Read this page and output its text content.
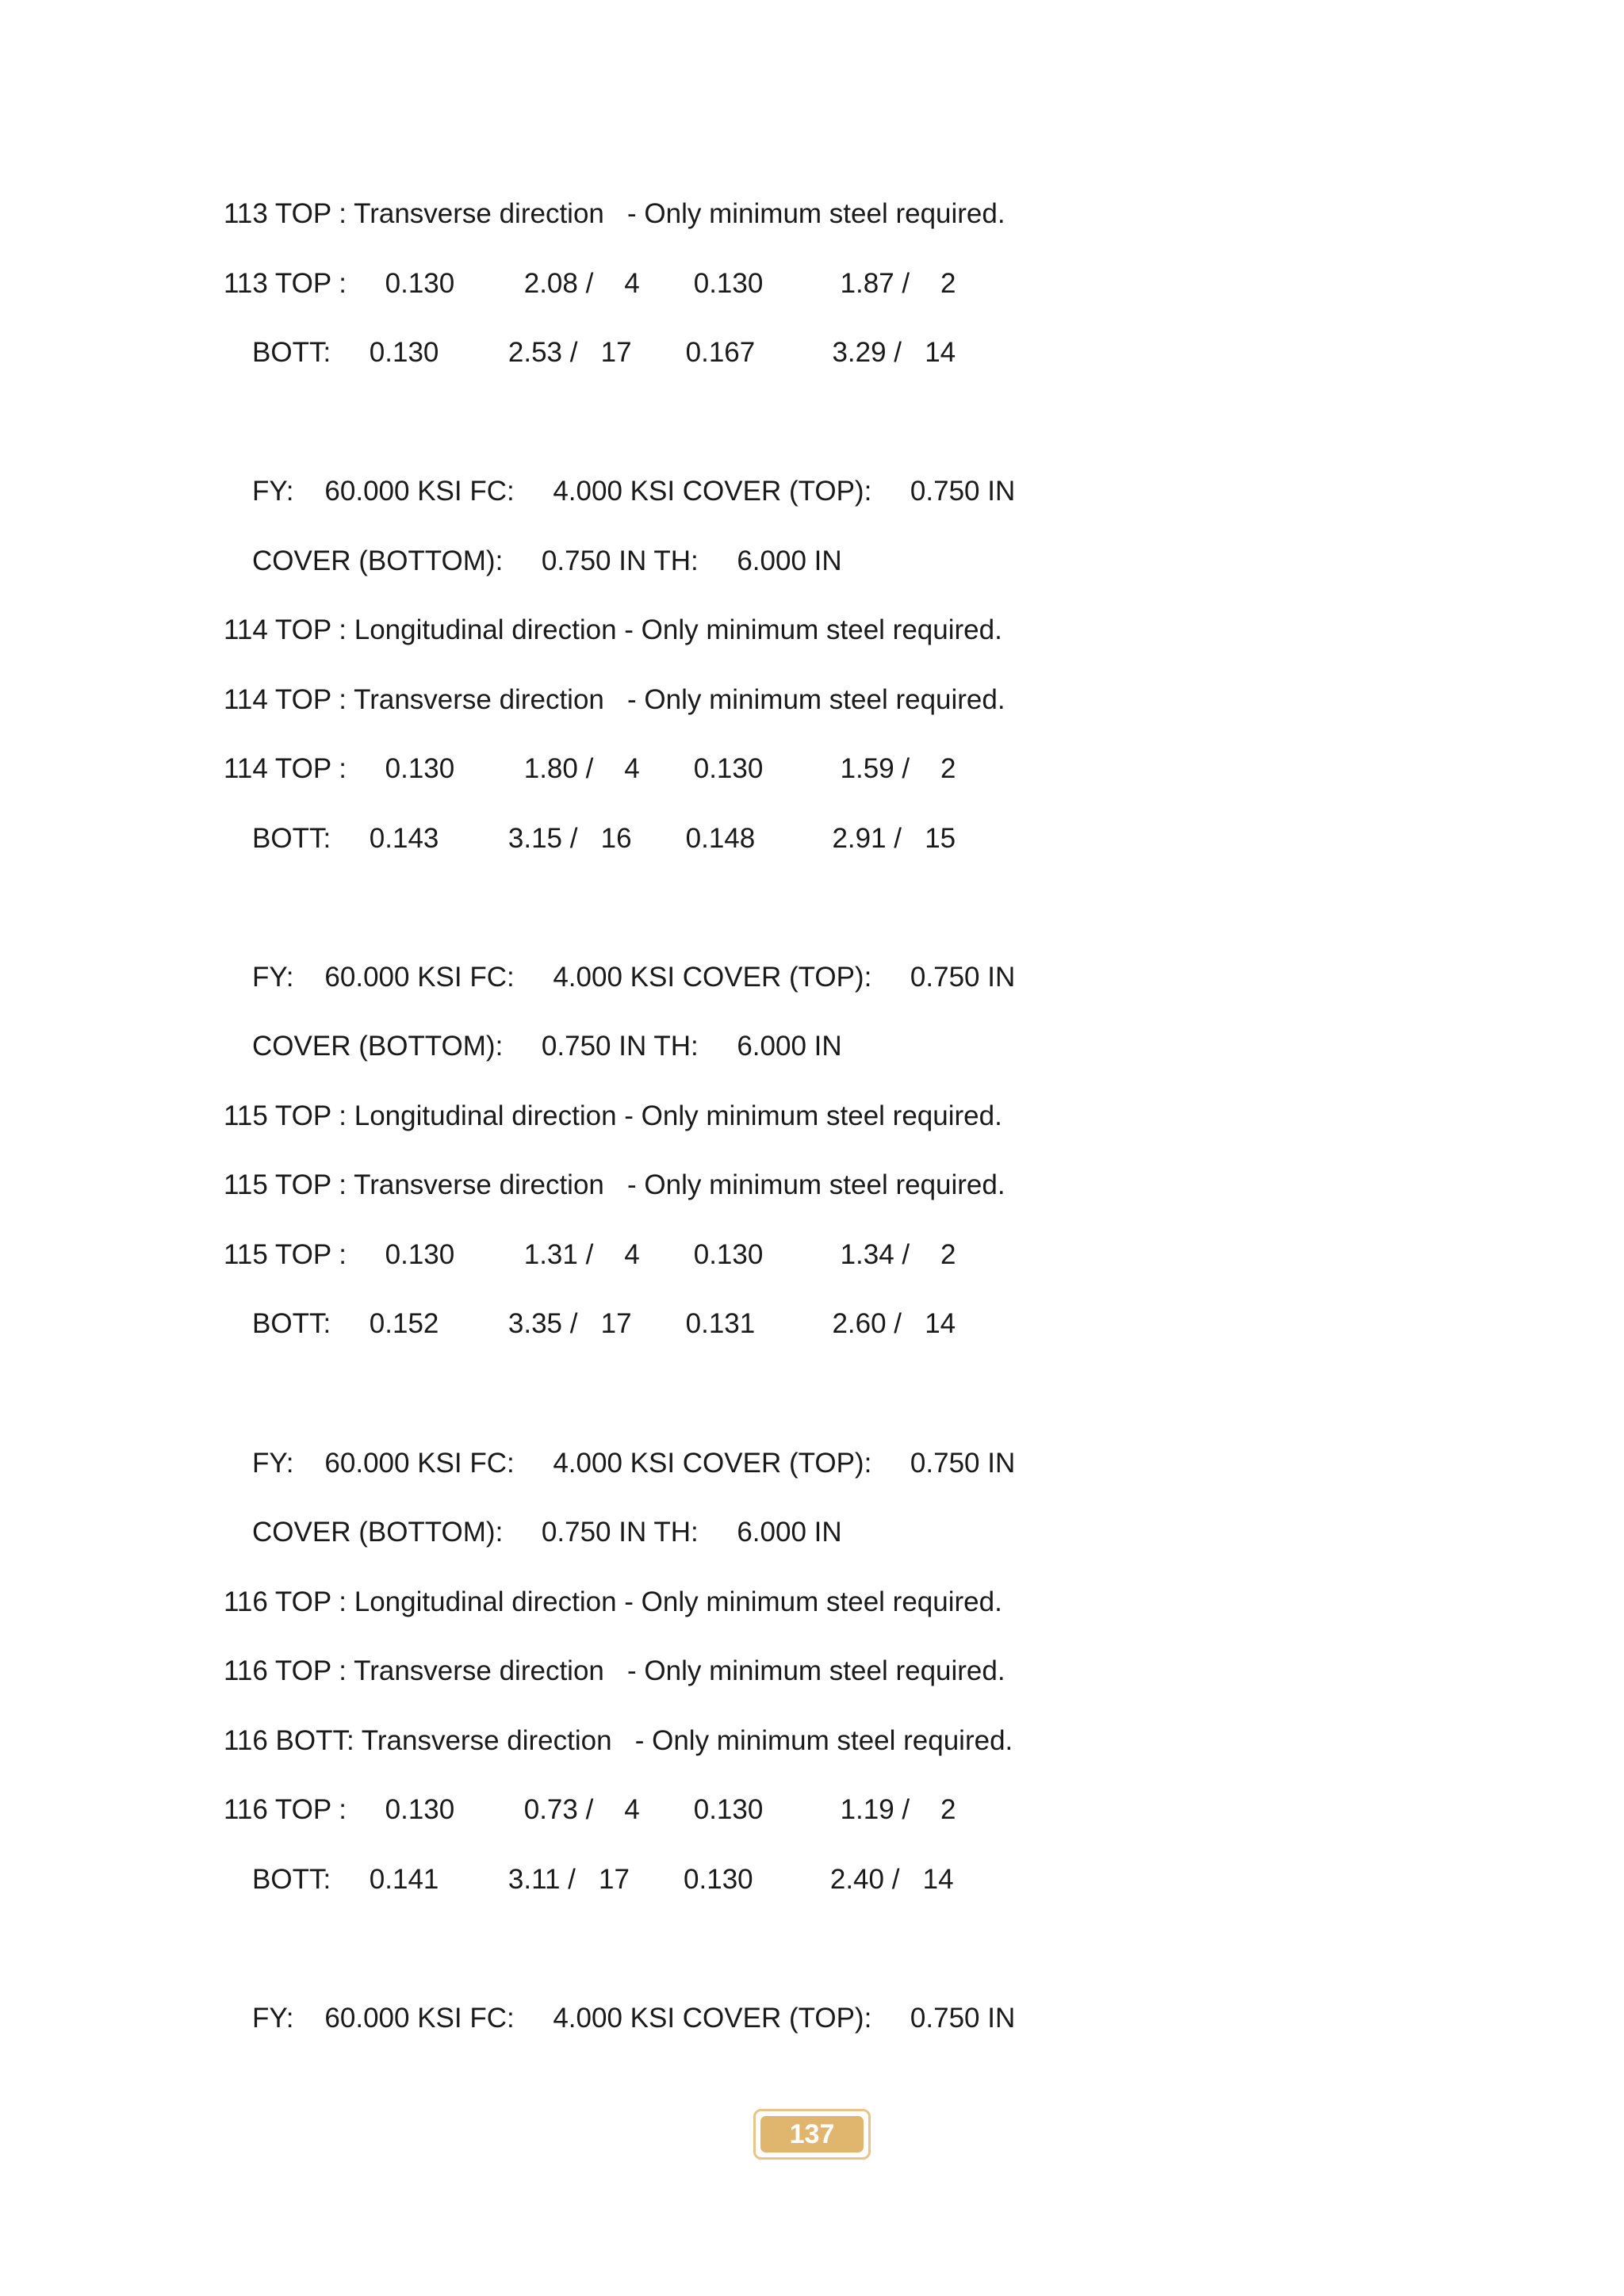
113 TOP : Transverse direction   - Only minimum steel required.
113 TOP :     0.130         2.08 /    4       0.130          1.87 /    2
BOTT:     0.130         2.53 /   17       0.167          3.29 /   14
FY:    60.000 KSI FC:     4.000 KSI COVER (TOP):     0.750 IN
COVER (BOTTOM):     0.750 IN TH:     6.000 IN
114 TOP : Longitudinal direction - Only minimum steel required.
114 TOP : Transverse direction   - Only minimum steel required.
114 TOP :     0.130         1.80 /    4       0.130          1.59 /    2
BOTT:     0.143         3.15 /   16       0.148          2.91 /   15
FY:    60.000 KSI FC:     4.000 KSI COVER (TOP):     0.750 IN
COVER (BOTTOM):     0.750 IN TH:     6.000 IN
115 TOP : Longitudinal direction - Only minimum steel required.
115 TOP : Transverse direction   - Only minimum steel required.
115 TOP :     0.130         1.31 /    4       0.130          1.34 /    2
BOTT:     0.152         3.35 /   17       0.131          2.60 /   14
FY:    60.000 KSI FC:     4.000 KSI COVER (TOP):     0.750 IN
COVER (BOTTOM):     0.750 IN TH:     6.000 IN
116 TOP : Longitudinal direction - Only minimum steel required.
116 TOP : Transverse direction   - Only minimum steel required.
116 BOTT: Transverse direction   - Only minimum steel required.
116 TOP :     0.130         0.73 /    4       0.130          1.19 /    2
BOTT:     0.141         3.11 /   17       0.130          2.40 /   14
FY:    60.000 KSI FC:     4.000 KSI COVER (TOP):     0.750 IN
137
